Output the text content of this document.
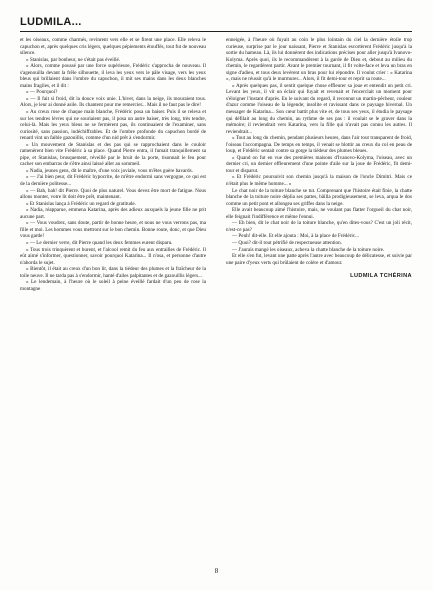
LUDMILA...

et les oiseaux, comme charmés, revinrent vers elle et se firent une place. Elle releva le capuchon et, après quelques cris légers, quelques pépiements étouffés, tout fut de nouveau silence.

» Stanislas, par bonheur, ne s'était pas éveillé.

» Alors, comme poussé par une force supérieure, Frédéric s'approcha de nouveau. Il s'agenouilla devant la frêle silhouette, il leva les yeux vers le pâle visage, vers les yeux bleus qui brillaient dans l'ombre du capuchon, il mit ses mains dans les deux blanches mains fragiles, et il dit :

» — Pourquoi?

» — Il fait si froid, dit la douce voix unie. L'hiver, dans la neige, ils mouraient tous. Alors, je leur ai donné asile. Ils chantent pour me remercier... Mais il ne faut pas le dire!

» Au creux rose de chaque main blanche, Frédéric posa un baiser. Puis il se releva et sur les tendres lèvres qui ne souriaient pas, il posa un autre baiser, très long, très tendre, celui-là. Mais les yeux bleus ne se fermèrent pas, ils continuaient de l'examiner, sans curiosité, sans passion, indéchiffrables. Et de l'ombre profonde du capuchon bordé de renard vint un faible gazouillis, comme d'un nid prêt à s'endormir.

» Un mouvement de Stanislas et des pas qui se rapprochaient dans le couloir ramenèrent bien vite Frédéric à sa place. Quand Pierre entra, il fumait tranquillement sa pipe, et Stanislas, brusquement, réveillé par le bruit de la porte, tisonnait le feu pour cacher son embarras de s'être ainsi laissé aller au sommeil.

» Nadia, jeunes gens, dit le maître, d'une voix joviale, vous m'êtes guère bavards.

» — J'ai bien peur, dit Frédéric hypocrite, de m'être endormi sans vergogne, ce qui est de la dernière politesse...

» — Bah, bah! dit Pierre. Quoi de plus naturel. Vous devez être mort de fatigue. Nous allons monter, votre lit doit être prêt, maintenant.

» Et Stanislas lança à Frédéric un regard de gratitude.

» Nadia, réapparue, emmena Katarina, après des adieux auxquels la jeune fille ne prit aucune part.

» — Vous voudrez, sans doute, partir de bonne heure, et nous ne vous verrons pas, ma fille et moi. Les hommes vous mettront sur le bon chemin. Bonne route, donc, et que Dieu vous garde!

» — Le dernier verre, dit Pierre quand les deux femmes eurent disparu.

» Tous trois trinquèrent et burent, et l'alcool remit du feu aux entrailles de Frédéric. Il eût aimé s'informer, questionner, savoir pourquoi Katarina... Il n'osa, et personne d'autre n'aborda le sujet.

» Bientôt, il était au creux d'un bon lit, dans la tiédeur des plumes et la fraîcheur de la toile neuve. Il ne tarda pas à s'endormir, hanté d'ailes palpitantes et de gazouillis légers...

» Le lendemain, à l'heure où le soleil à peine éveillé fardait d'un peu de rose la montagne

enneigée, à l'heure où fuyait au coin le plus lointain du ciel la dernière étoile trop curieuse, surprise par le jour naissant, Pierre et Stanislas escortèrent Frédéric jusqu'à la sortie du hameau. Là, ils lui donnèrent des indications précises pour aller jusqu'à Ivanovo-Kolyma. Après quoi, ils le recommandèrent à la garde de Dieu et, debout au milieu du chemin, le regardèrent partir. Avant le premier tournant, il fit volte-face et leva un bras en signe d'adieu, et tous deux levèrent un bras pour lui répondre. Il voulut crier : « Katarina », mais ne réussit qu'à le murmurer... Alors, il fit demi-tour et reprit sa route...

» Après quelques pas, il sentit quelque chose effleurer sa joue et entendit un petit cri. Levant les yeux, il vit un éclair qui fuyait et revenait et l'encerclait un moment pour s'éloigner l'instant d'après. En le suivant du regard, il reconnut un martin-pêcheur, couleur d'azur comme l'oiseau de la légende; insolite et ravissant dans ce paysage hivernal. Un messager de Katarina... Son cœur battit plus vite et, de tous ses yeux, il étudia le paysage qui défilait au long du chemin, au rythme de ses pas : il voulait se le graver dans la mémoire; il reviendrait vers Katarina, vers la fille qui n'avait pas connu les autres. Il reviendrait...

» Tout au long du chemin, pendant plusieurs heures, dans l'air tout transparent de froid, l'oiseau l'accompagna. De temps en temps, il venait se blottir au creux du col en peau de loup, et Frédéric sentait contre sa gorge la tiédeur des plumes bleues.

» Quand on fut en vue des premières maisons d'Ivanovo-Kolyma, l'oiseau, avec un dernier cri, un dernier effleurement d'une pointe d'aile sur la joue de Frédéric, fit demi-tour et disparut.

» Et Frédéric poursuivit son chemin jusqu'à la maison de l'oncle Dimitri. Mais ce n'était plus le même homme... »

Le chat noir de la toiture blanche se tut. Comprenant que l'histoire était finie, la chatte blanche de la toiture noire dépliа ses pattes, bâilla prodigieusement, se leva, arqua le dos comme un petit pont et allongea ses griffes dans la neige.

Elle avait beaucoup aimé l'histoire, mais, ne voulant pas flatter l'orgueil du chat noir, elle feignait l'indifférence et même l'ennui.

— Eh bien, dit le chat noir de la toiture blanche, qu'en dites-vous? C'est un joli récit, n'est-ce pas?

— Peuh! dit-elle. Et elle ajouta : Moi, à la place de Frédéric...

— Quoi? dit-il tout pétrifié de respectueuse attention.

— J'aurais mangé les oiseaux, acheva la chatte blanche de la toiture noire.

Et elle s'en fut, levant une patte après l'autre avec beaucoup de délicatesse, et suivie par une paire d'yeux verts qui brûlaient de colère et d'amour.

LUDMILA TCHÉRINA
8
